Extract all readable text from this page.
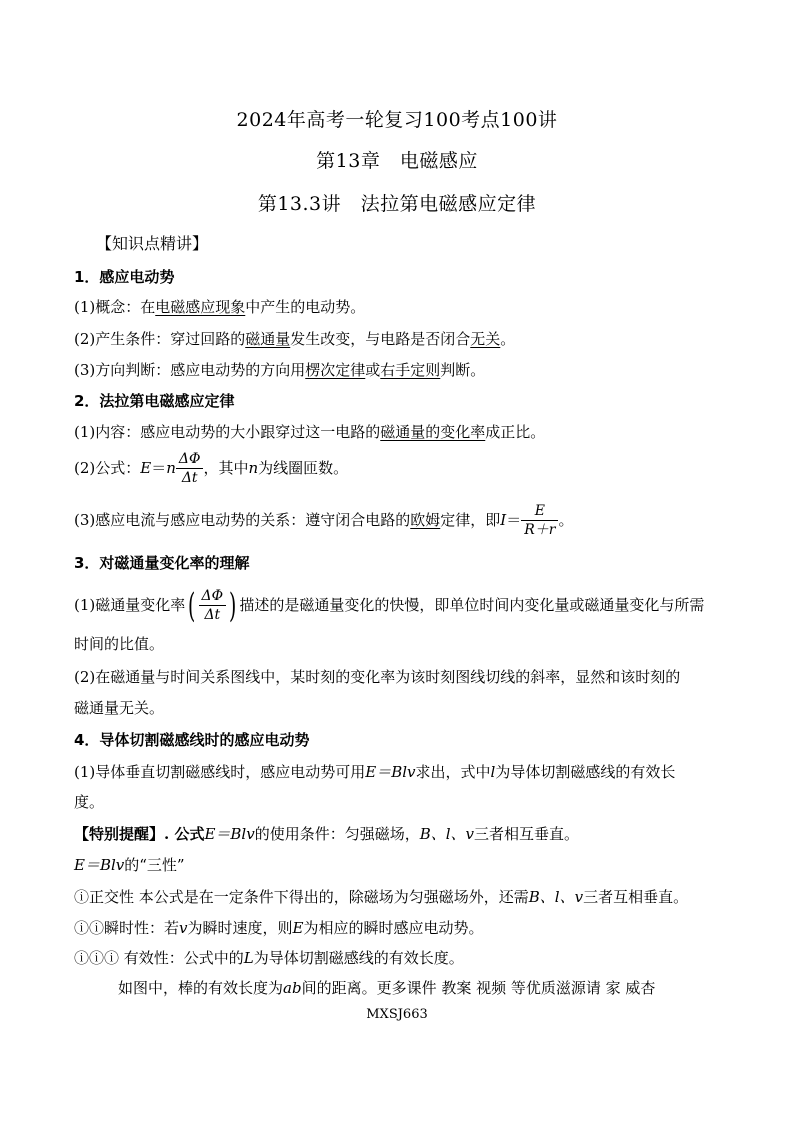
2024年高考一轮复习100考点100讲
第13章　电磁感应
第13.3讲　法拉第电磁感应定律
【知识点精讲】
1．感应电动势
(1)概念：在电磁感应现象中产生的电动势。
(2)产生条件：穿过回路的磁通量发生改变，与电路是否闭合无关。
(3)方向判断：感应电动势的方向用楞次定律或右手定则判断。
2．法拉第电磁感应定律
(1)内容：感应电动势的大小跟穿过这一电路的磁通量的变化率成正比。
(2)公式：$E=n \frac{\Delta\Phi}{\Delta t}$ ，其中n为线圈匝数。
(3)感应电流与感应电动势的关系：遵守闭合电路的欧姆定律，即$I= \frac{E}{R+r}$ 。
3．对磁通量变化率的理解
(1)磁通量变化率( $\frac{\Delta\Phi}{\Delta t}$ ) 描述的是磁通量变化的快慢，即单位时间内变化量或磁通量变化与所需
时间的比值。
(2)在磁通量与时间关系图线中，某时刻的变化率为该时刻图线切线的斜率，显然和该时刻的
磁通量无关。
4．导体切割磁感线时的感应电动势
(1)导体垂直切割磁感线时，感应电动势可用E＝Blv求出，式中l为导体切割磁感线的有效长
度。
【特别提醒】. 公式E＝Blv的使用条件：匀强磁场，B、l、v三者相互垂直。
E＝Blv的“三性”
ⓘ正交性 本公式是在一定条件下得出的，除磁场为匀强磁场外，还需B、l、v三者互相垂直。
ⓘⓘ瞬时性：若v为瞬时速度，则E为相应的瞬时感应电动势。
ⓘⓘⓘ 有效性：公式中的L为导体切割磁感线的有效长度。
如图中，棒的有效长度为ab间的距离。更多课件 教案 视频 等优质滋源请 家 威杏
MXSJ663
